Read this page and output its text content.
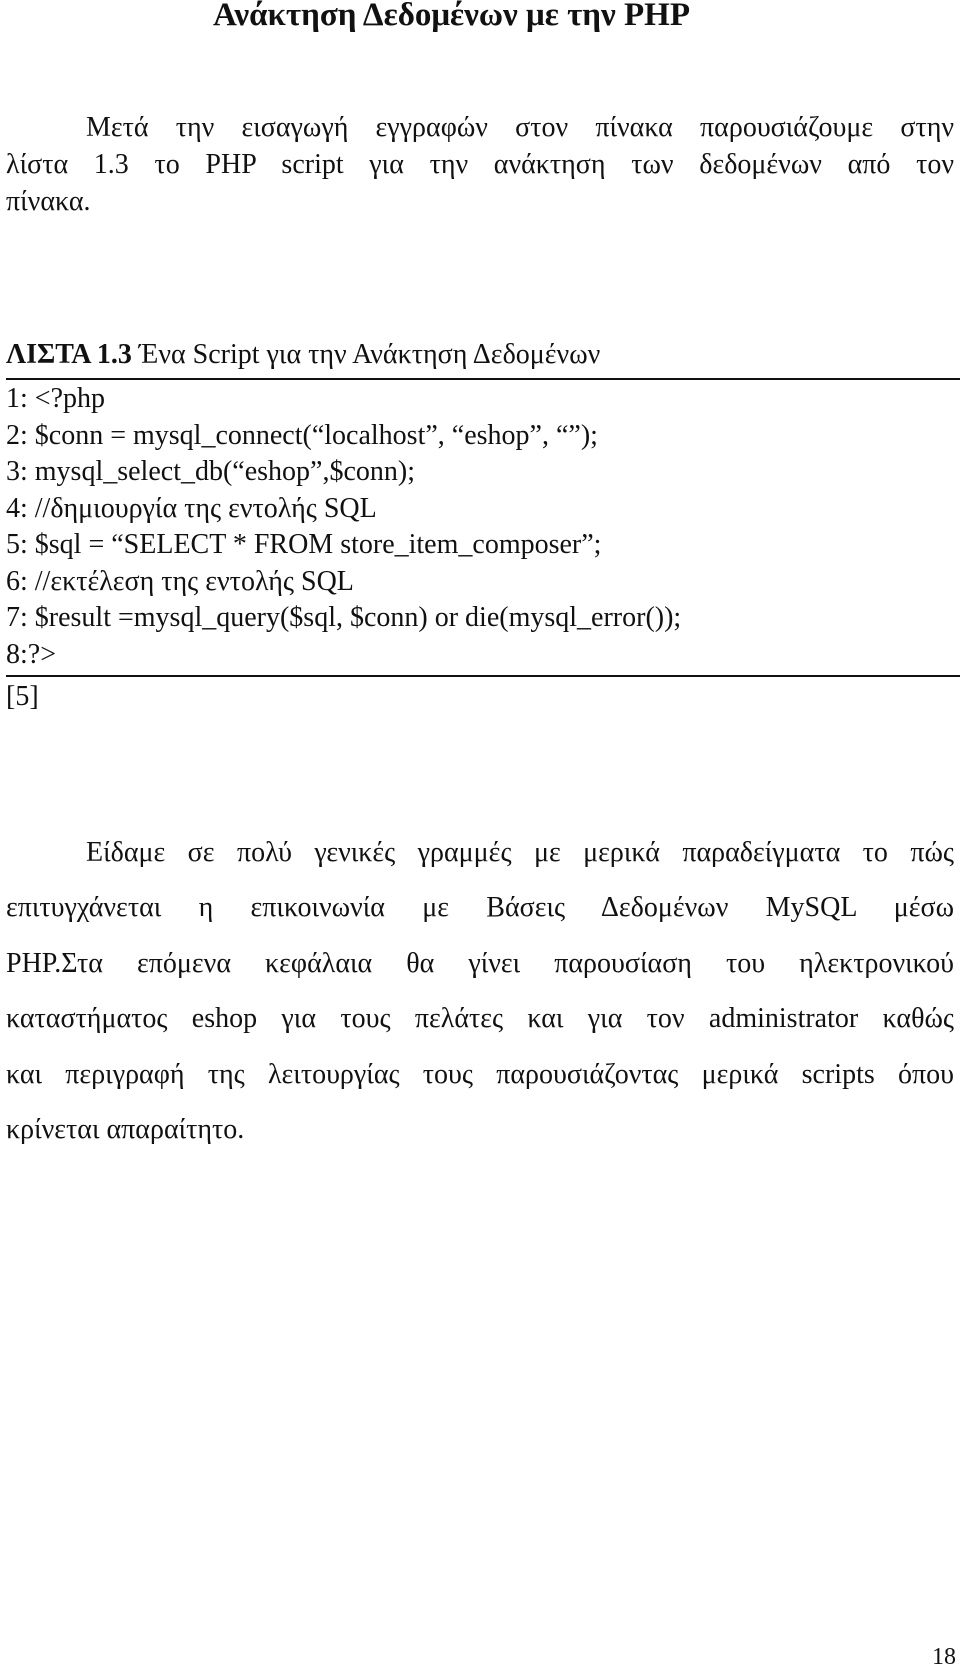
Ανάκτηση Δεδομένων με την PHP

Μετά την εισαγωγή εγγραφών στον πίνακα παρουσιάζουμε στην
λίστα 1.3 το PHP script για την ανάκτηση των δεδομένων από τον
πίνακα.

ΛΙΣΤΑ 1.3 Ένα Script για την Ανάκτηση Δεδομένων

1: <?php
2: $conn = mysql_connect(“localhost”, “eshop”, “”);
3: mysql_select_db(“eshop”,$conn);
4: //δημιουργία της εντολής SQL
5: $sql = “SELECT * FROM store_item_composer”;
6: //εκτέλεση της εντολής SQL
7: $result =mysql_query($sql, $conn) or die(mysql_error());
8:?>

[5]

Είδαμε σε πολύ γενικές γραμμές με μερικά παραδείγματα το πώς
επιτυγχάνεται η επικοινωνία με Βάσεις Δεδομένων MySQL μέσω
PHP.Στα επόμενα κεφάλαια θα γίνει παρουσίαση του ηλεκτρονικού
καταστήματος eshop για τους πελάτες και για τον administrator καθώς
και περιγραφή της λειτουργίας τους παρουσιάζοντας μερικά scripts όπου
κρίνεται απαραίτητο.

18
